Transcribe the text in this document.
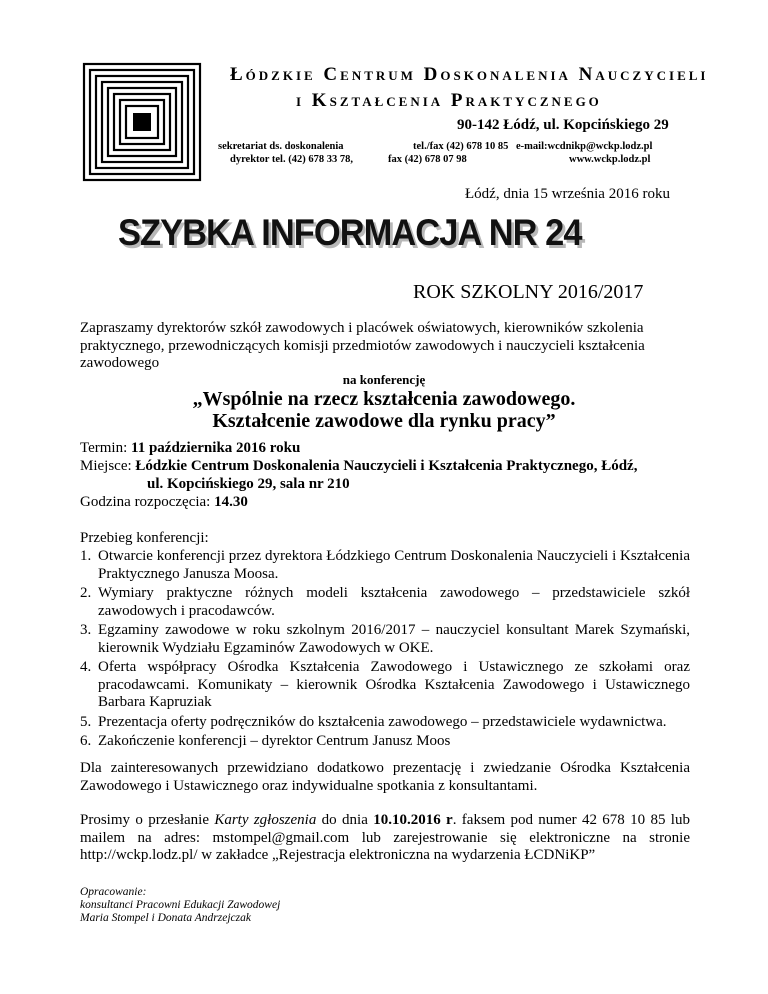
Łódzkie Centrum Doskonalenia Nauczycieli
i Kształcenia Praktycznego
90-142 Łódź, ul. Kopcińskiego 29
sekretariat ds. doskonalenia	tel./fax (42) 678 10 85 e-mail:wcdnikp@wckp.lodz.pl
dyrektor tel. (42) 678 33 78,	fax (42) 678 07 98	www.wckp.lodz.pl
Łódź, dnia 15 września 2016 roku
SZYBKA INFORMACJA NR 24
ROK SZKOLNY 2016/2017
Zapraszamy dyrektorów szkół zawodowych i placówek oświatowych, kierowników szkolenia praktycznego, przewodniczących komisji przedmiotów zawodowych i nauczycieli kształcenia zawodowego
na konferencję
„Wspólnie na rzecz kształcenia zawodowego.
Kształcenie zawodowe dla rynku pracy”
Termin: 11 października 2016 roku
Miejsce: Łódzkie Centrum Doskonalenia Nauczycieli i Kształcenia Praktycznego, Łódź,
ul. Kopcińskiego 29, sala nr 210
Godzina rozpoczęcia: 14.30
Przebieg konferencji:
1. Otwarcie konferencji przez dyrektora Łódzkiego Centrum Doskonalenia Nauczycieli i Kształcenia Praktycznego Janusza Moosa.
2. Wymiary praktyczne różnych modeli kształcenia zawodowego – przedstawiciele szkół zawodowych i pracodawców.
3. Egzaminy zawodowe w roku szkolnym 2016/2017 – nauczyciel konsultant Marek Szymański, kierownik Wydziału Egzaminów Zawodowych w OKE.
4. Oferta współpracy Ośrodka Kształcenia Zawodowego i Ustawicznego ze szkołami oraz pracodawcami. Komunikaty – kierownik Ośrodka Kształcenia Zawodowego i Ustawicznego Barbara Kapruziak
5. Prezentacja oferty podręczników do kształcenia zawodowego – przedstawiciele wydawnictwa.
6. Zakończenie konferencji – dyrektor Centrum Janusz Moos
Dla zainteresowanych przewidziano dodatkowo prezentację i zwiedzanie Ośrodka Kształcenia Zawodowego i Ustawicznego oraz indywidualne spotkania z konsultantami.
Prosimy o przesłanie Karty zgłoszenia do dnia 10.10.2016 r. faksem pod numer 42 678 10 85 lub mailem na adres: mstompel@gmail.com lub zarejestrowanie się elektroniczne na stronie http://wckp.lodz.pl/ w zakładce „Rejestracja elektroniczna na wydarzenia ŁCDNiKP”
Opracowanie:
konsultanci Pracowni Edukacji Zawodowej
Maria Stompel i Donata Andrzejczak
